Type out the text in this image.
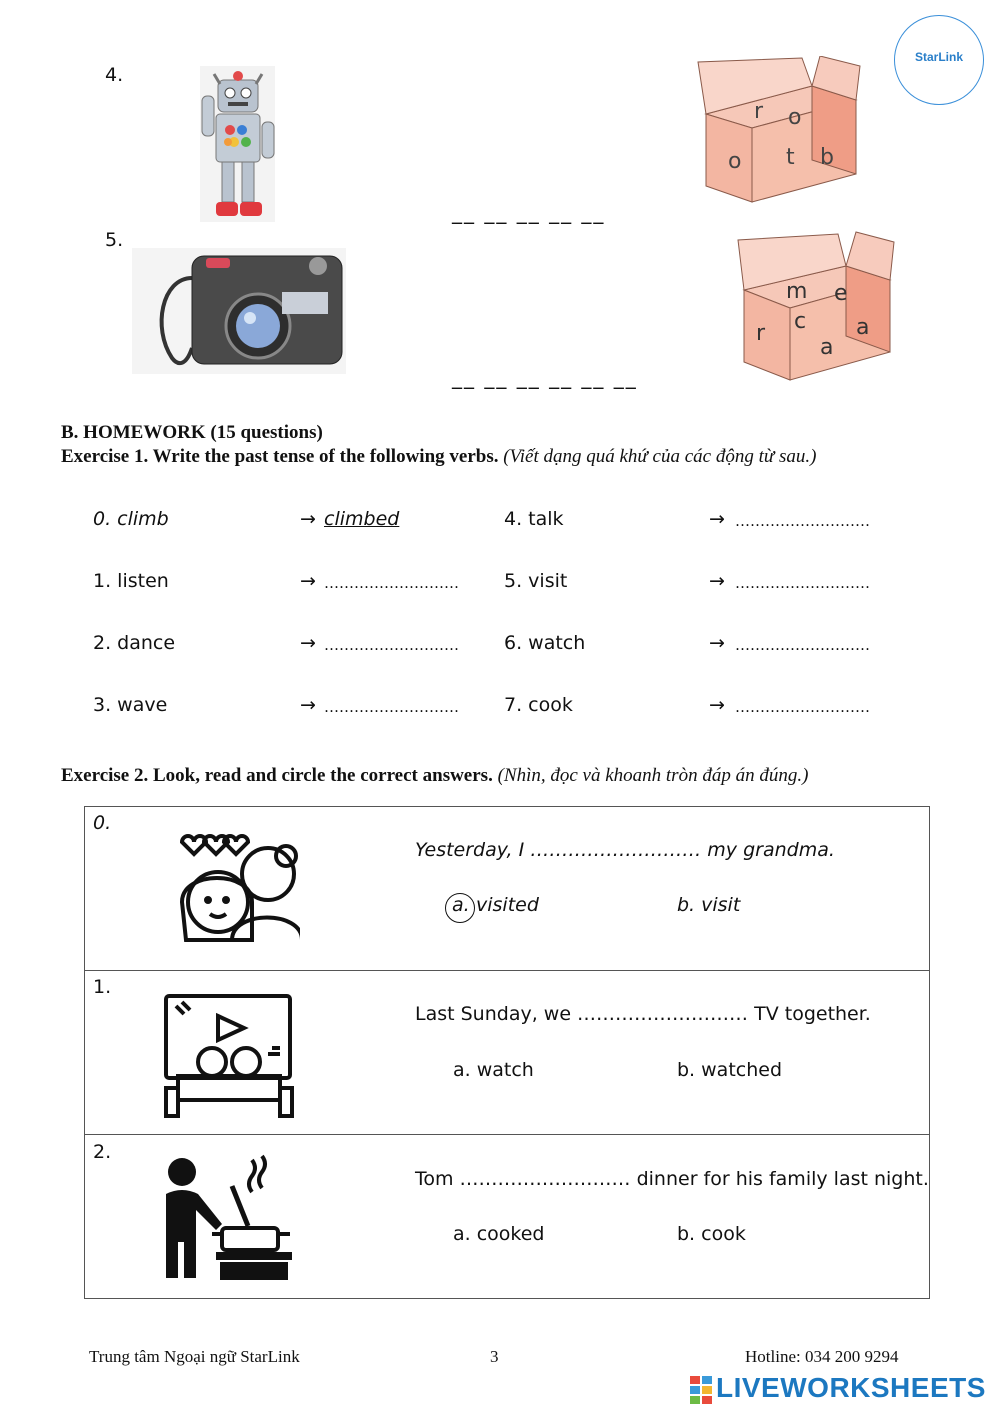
StarLink
4.
r o
o t b
__ __ __ __ __
5.
m e
c
r	a
a
__ __ __ __ __ __
B. HOMEWORK (15 questions)
Exercise 1. Write the past tense of the following verbs. (Viết dạng quá khứ của các động từ sau.)
0. climb	→ climbed
1. listen	→ ………………………
2. dance	→ ………………………
3. wave	→ ………………………
4. talk	→ ………………………
5. visit	→ ………………………
6. watch	→ ………………………
7. cook	→ ………………………
Exercise 2. Look, read and circle the correct answers. (Nhìn, đọc và khoanh tròn đáp án đúng.)

0.
Yesterday, I ……………………… my grandma.
a. visited	b. visit
1.
Last Sunday, we ……………………… TV together.
a. watch	b. watched
2.
Tom ……………………… dinner for his family last night.
a. cooked	b. cook
Trung tâm Ngoại ngữ StarLink	3	Hotline: 034 200 9294
LIVEWORKSHEETS
